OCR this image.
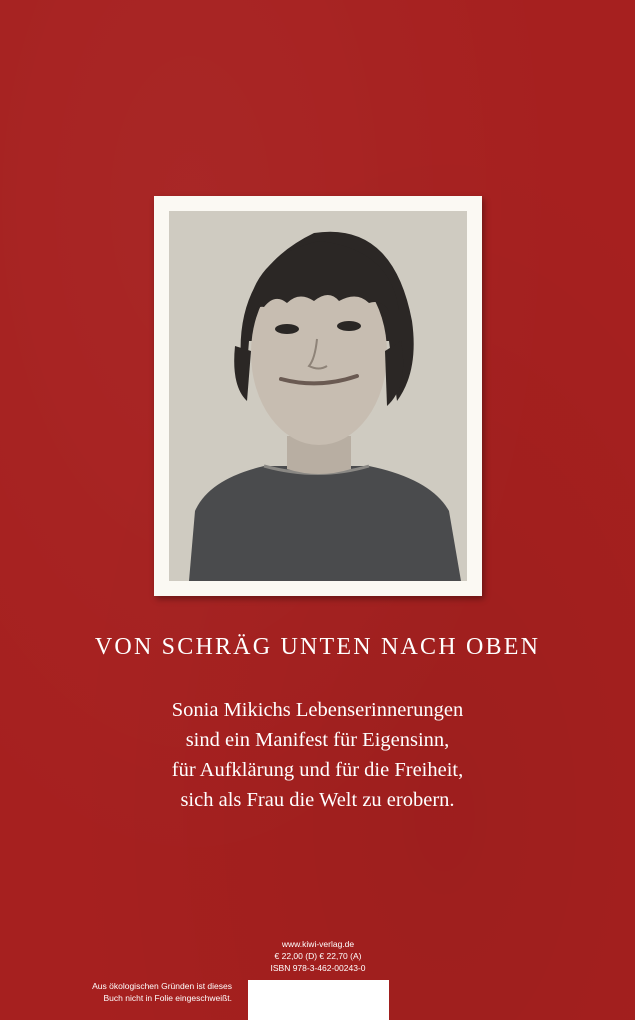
VON SCHRÄG UNTEN NACH OBEN
Sonia Mikichs Lebenserinnerungen
sind ein Manifest für Eigensinn,
für Aufklärung und für die Freiheit,
sich als Frau die Welt zu erobern.
www.kiwi-verlag.de
€ 22,00 (D) € 22,70 (A)
ISBN 978-3-462-00243-0
Aus ökologischen Gründen ist dieses
Buch nicht in Folie eingeschweißt.
